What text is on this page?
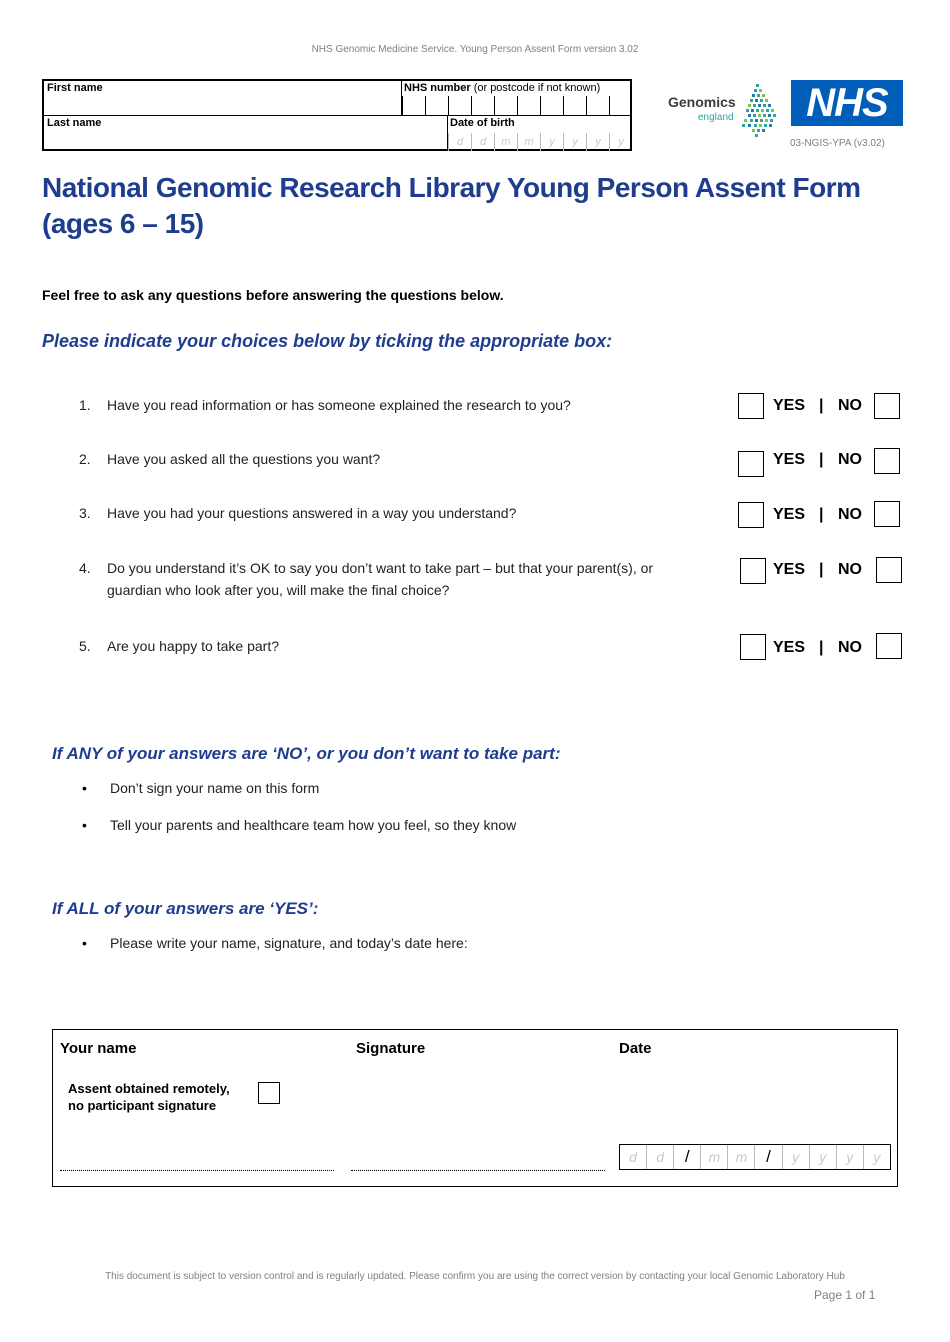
NHS Genomic Medicine Service. Young Person Assent Form version 3.02
First name
Last name
NHS number (or postcode if not known)
Date of birth
d	d	m	m	y	y	y	y
Genomics
england	NHS
03-NGIS-YPA (v3.02)
National Genomic Research Library Young Person Assent Form (ages 6 – 15)
Feel free to ask any questions before answering the questions below.
Please indicate your choices below by ticking the appropriate box:
1. Have you read information or has someone explained the research to you?	YES | NO
2. Have you asked all the questions you want?	YES | NO
3. Have you had your questions answered in a way you understand?	YES | NO
4. Do you understand it’s OK to say you don’t want to take part – but that your parent(s), or guardian who look after you, will make the final choice?
YES | NO
5. Are you happy to take part?	YES | NO
If ANY of your answers are ‘NO’, or you don’t want to take part:
• Don’t sign your name on this form
• Tell your parents and healthcare team how you feel, so they know
If ALL of your answers are ‘YES’:
• Please write your name, signature, and today’s date here:
Your name	Signature	Date
Assent obtained remotely,
no participant signature
d	d	/	m	m	/	y	y	y	y
This document is subject to version control and is regularly updated. Please confirm you are using the correct version by contacting your local Genomic Laboratory Hub
Page 1 of 1
